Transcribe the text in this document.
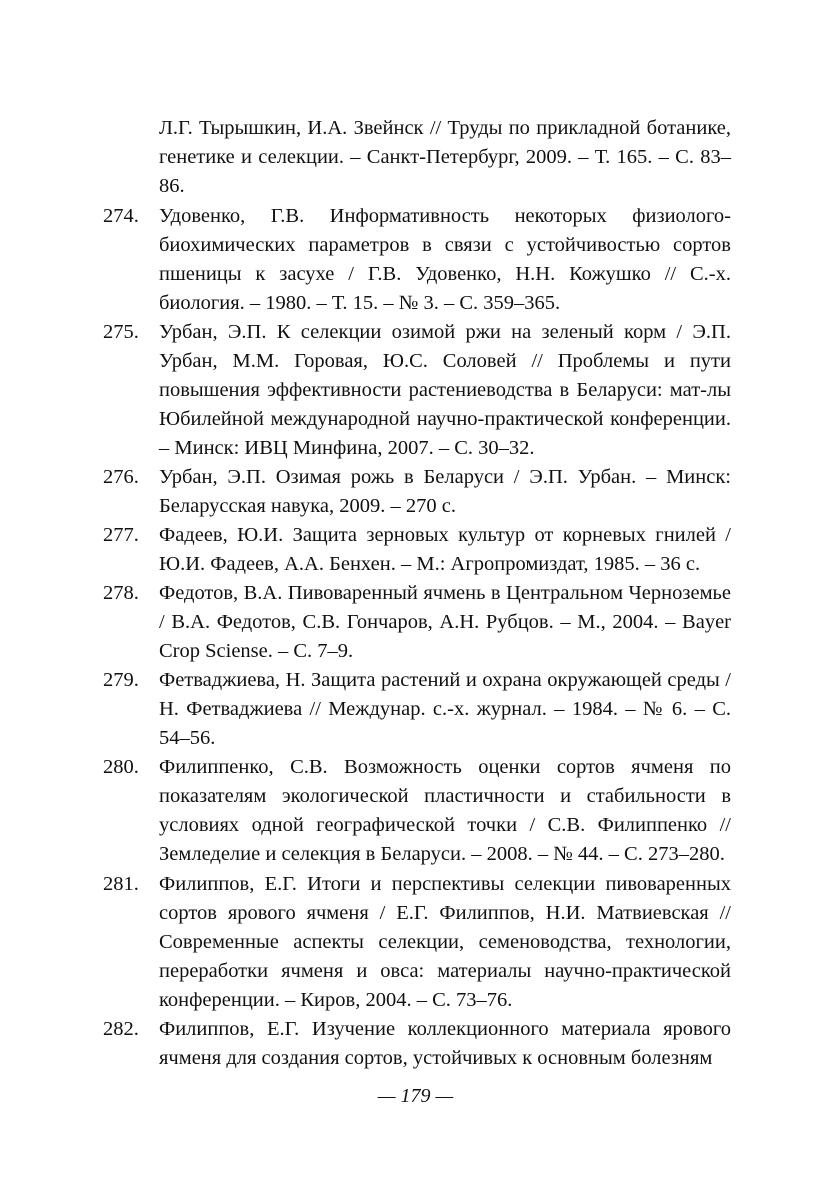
Л.Г. Тырышкин, И.А. Звейнск // Труды по прикладной ботанике, генетике и селекции. – Санкт-Петербург, 2009. – Т. 165. – С. 83–86.
274. Удовенко, Г.В. Информативность некоторых физиолого-биохимических параметров в связи с устойчивостью сортов пшеницы к засухе / Г.В. Удовенко, Н.Н. Кожушко // С.-х. биология. – 1980. – Т. 15. – № 3. – С. 359–365.
275. Урбан, Э.П. К селекции озимой ржи на зеленый корм / Э.П. Урбан, М.М. Горовая, Ю.С. Соловей // Проблемы и пути повышения эффективности растениеводства в Беларуси: мат-лы Юбилейной международной научно-практической конференции. – Минск: ИВЦ Минфина, 2007. – С. 30–32.
276. Урбан, Э.П. Озимая рожь в Беларуси / Э.П. Урбан. – Минск: Беларусская навука, 2009. – 270 с.
277. Фадеев, Ю.И. Защита зерновых культур от корневых гнилей / Ю.И. Фадеев, А.А. Бенхен. – М.: Агропромиздат, 1985. – 36 с.
278. Федотов, В.А. Пивоваренный ячмень в Центральном Черноземье / В.А. Федотов, С.В. Гончаров, А.Н. Рубцов. – М., 2004. – Bayer Crop Sciense. – С. 7–9.
279. Фетваджиева, Н. Защита растений и охрана окружающей среды / Н. Фетваджиева // Междунар. с.-х. журнал. – 1984. – № 6. – С. 54–56.
280. Филиппенко, С.В. Возможность оценки сортов ячменя по показателям экологической пластичности и стабильности в условиях одной географической точки / С.В. Филиппенко // Земледелие и селекция в Беларуси. – 2008. – № 44. – С. 273–280.
281. Филиппов, Е.Г. Итоги и перспективы селекции пивоваренных сортов ярового ячменя / Е.Г. Филиппов, Н.И. Матвиевская // Современные аспекты селекции, семеноводства, технологии, переработки ячменя и овса: материалы научно-практической конференции. – Киров, 2004. – С. 73–76.
282. Филиппов, Е.Г. Изучение коллекционного материала ярового ячменя для создания сортов, устойчивых к основным болезням
— 179 —
